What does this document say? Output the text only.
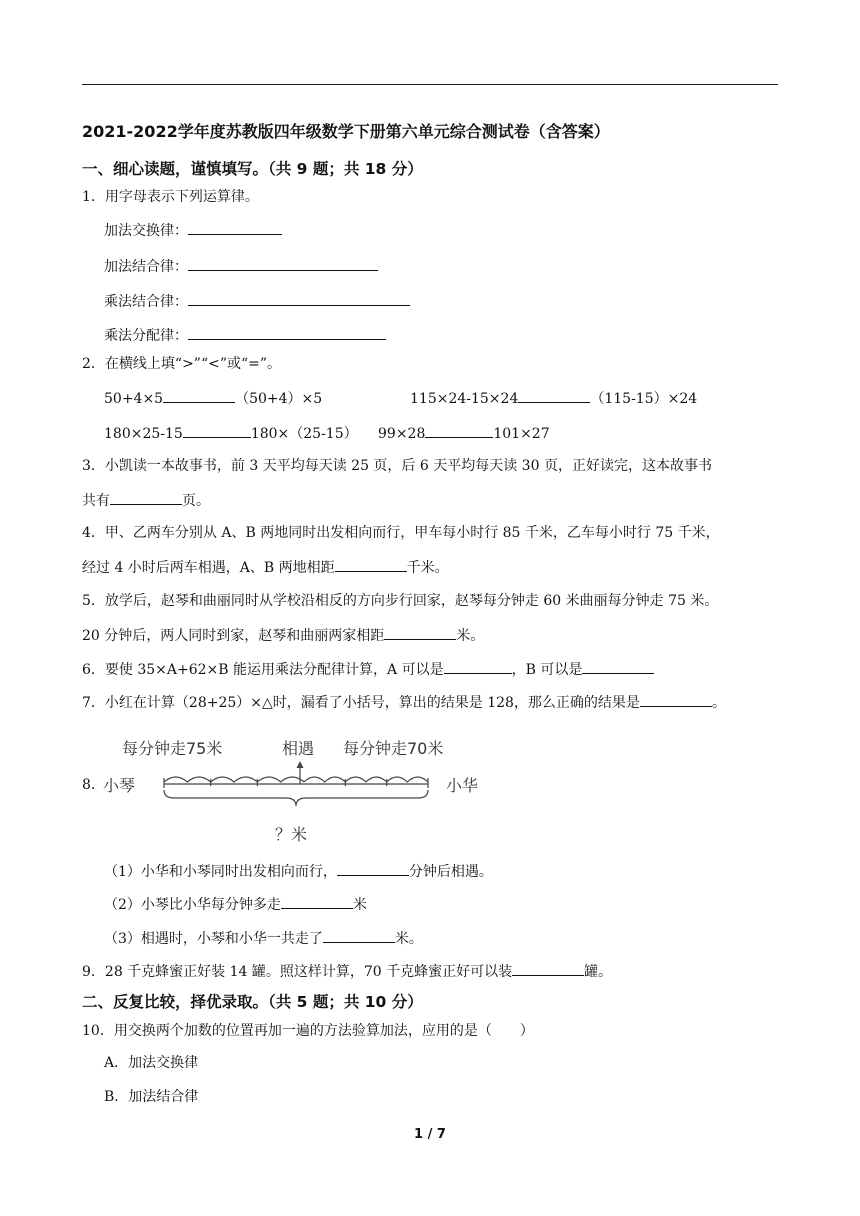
2021-2022学年度苏教版四年级数学下册第六单元综合测试卷（含答案）
一、细心读题，谨慎填写。（共 9 题；共 18 分）
1．用字母表示下列运算律。
加法交换律：
加法结合律：
乘法结合律：
乘法分配律：
2．在横线上填“>”“<”或“=”。
50+4×5	（50+4）×5	115×24-15×24	（115-15）×24
180×25-15	180×（25-15） 99×28	101×27
3．小凯读一本故事书，前 3 天平均每天读 25 页，后 6 天平均每天读 30 页，正好读完，这本故事书
共有	页。
4．甲、乙两车分别从 A、B 两地同时出发相向而行，甲车每小时行 85 千米，乙车每小时行 75 千米，
经过 4 小时后两车相遇，A、B 两地相距	千米。
5．放学后，赵琴和曲丽同时从学校沿相反的方向步行回家，赵琴每分钟走 60 米曲丽每分钟走 75 米。
20 分钟后，两人同时到家，赵琴和曲丽两家相距	米。
6．要使 35×A+62×B 能运用乘法分配律计算，A 可以是	，B 可以是
7．小红在计算（28+25）×△时，漏看了小括号，算出的结果是 128，那么正确的结果是	。
8．
小琴	小华
每分钟走75米	相遇 每分钟走70米
？米
（1）小华和小琴同时出发相向而行，	分钟后相遇。
（2）小琴比小华每分钟多走	米
（3）相遇时，小琴和小华一共走了	米。
9．28 千克蜂蜜正好装 14 罐。照这样计算，70 千克蜂蜜正好可以装	罐。
二、反复比较，择优录取。（共 5 题；共 10 分）
10．用交换两个加数的位置再加一遍的方法验算加法，应用的是（　　）
A．加法交换律
B．加法结合律
1 / 7
